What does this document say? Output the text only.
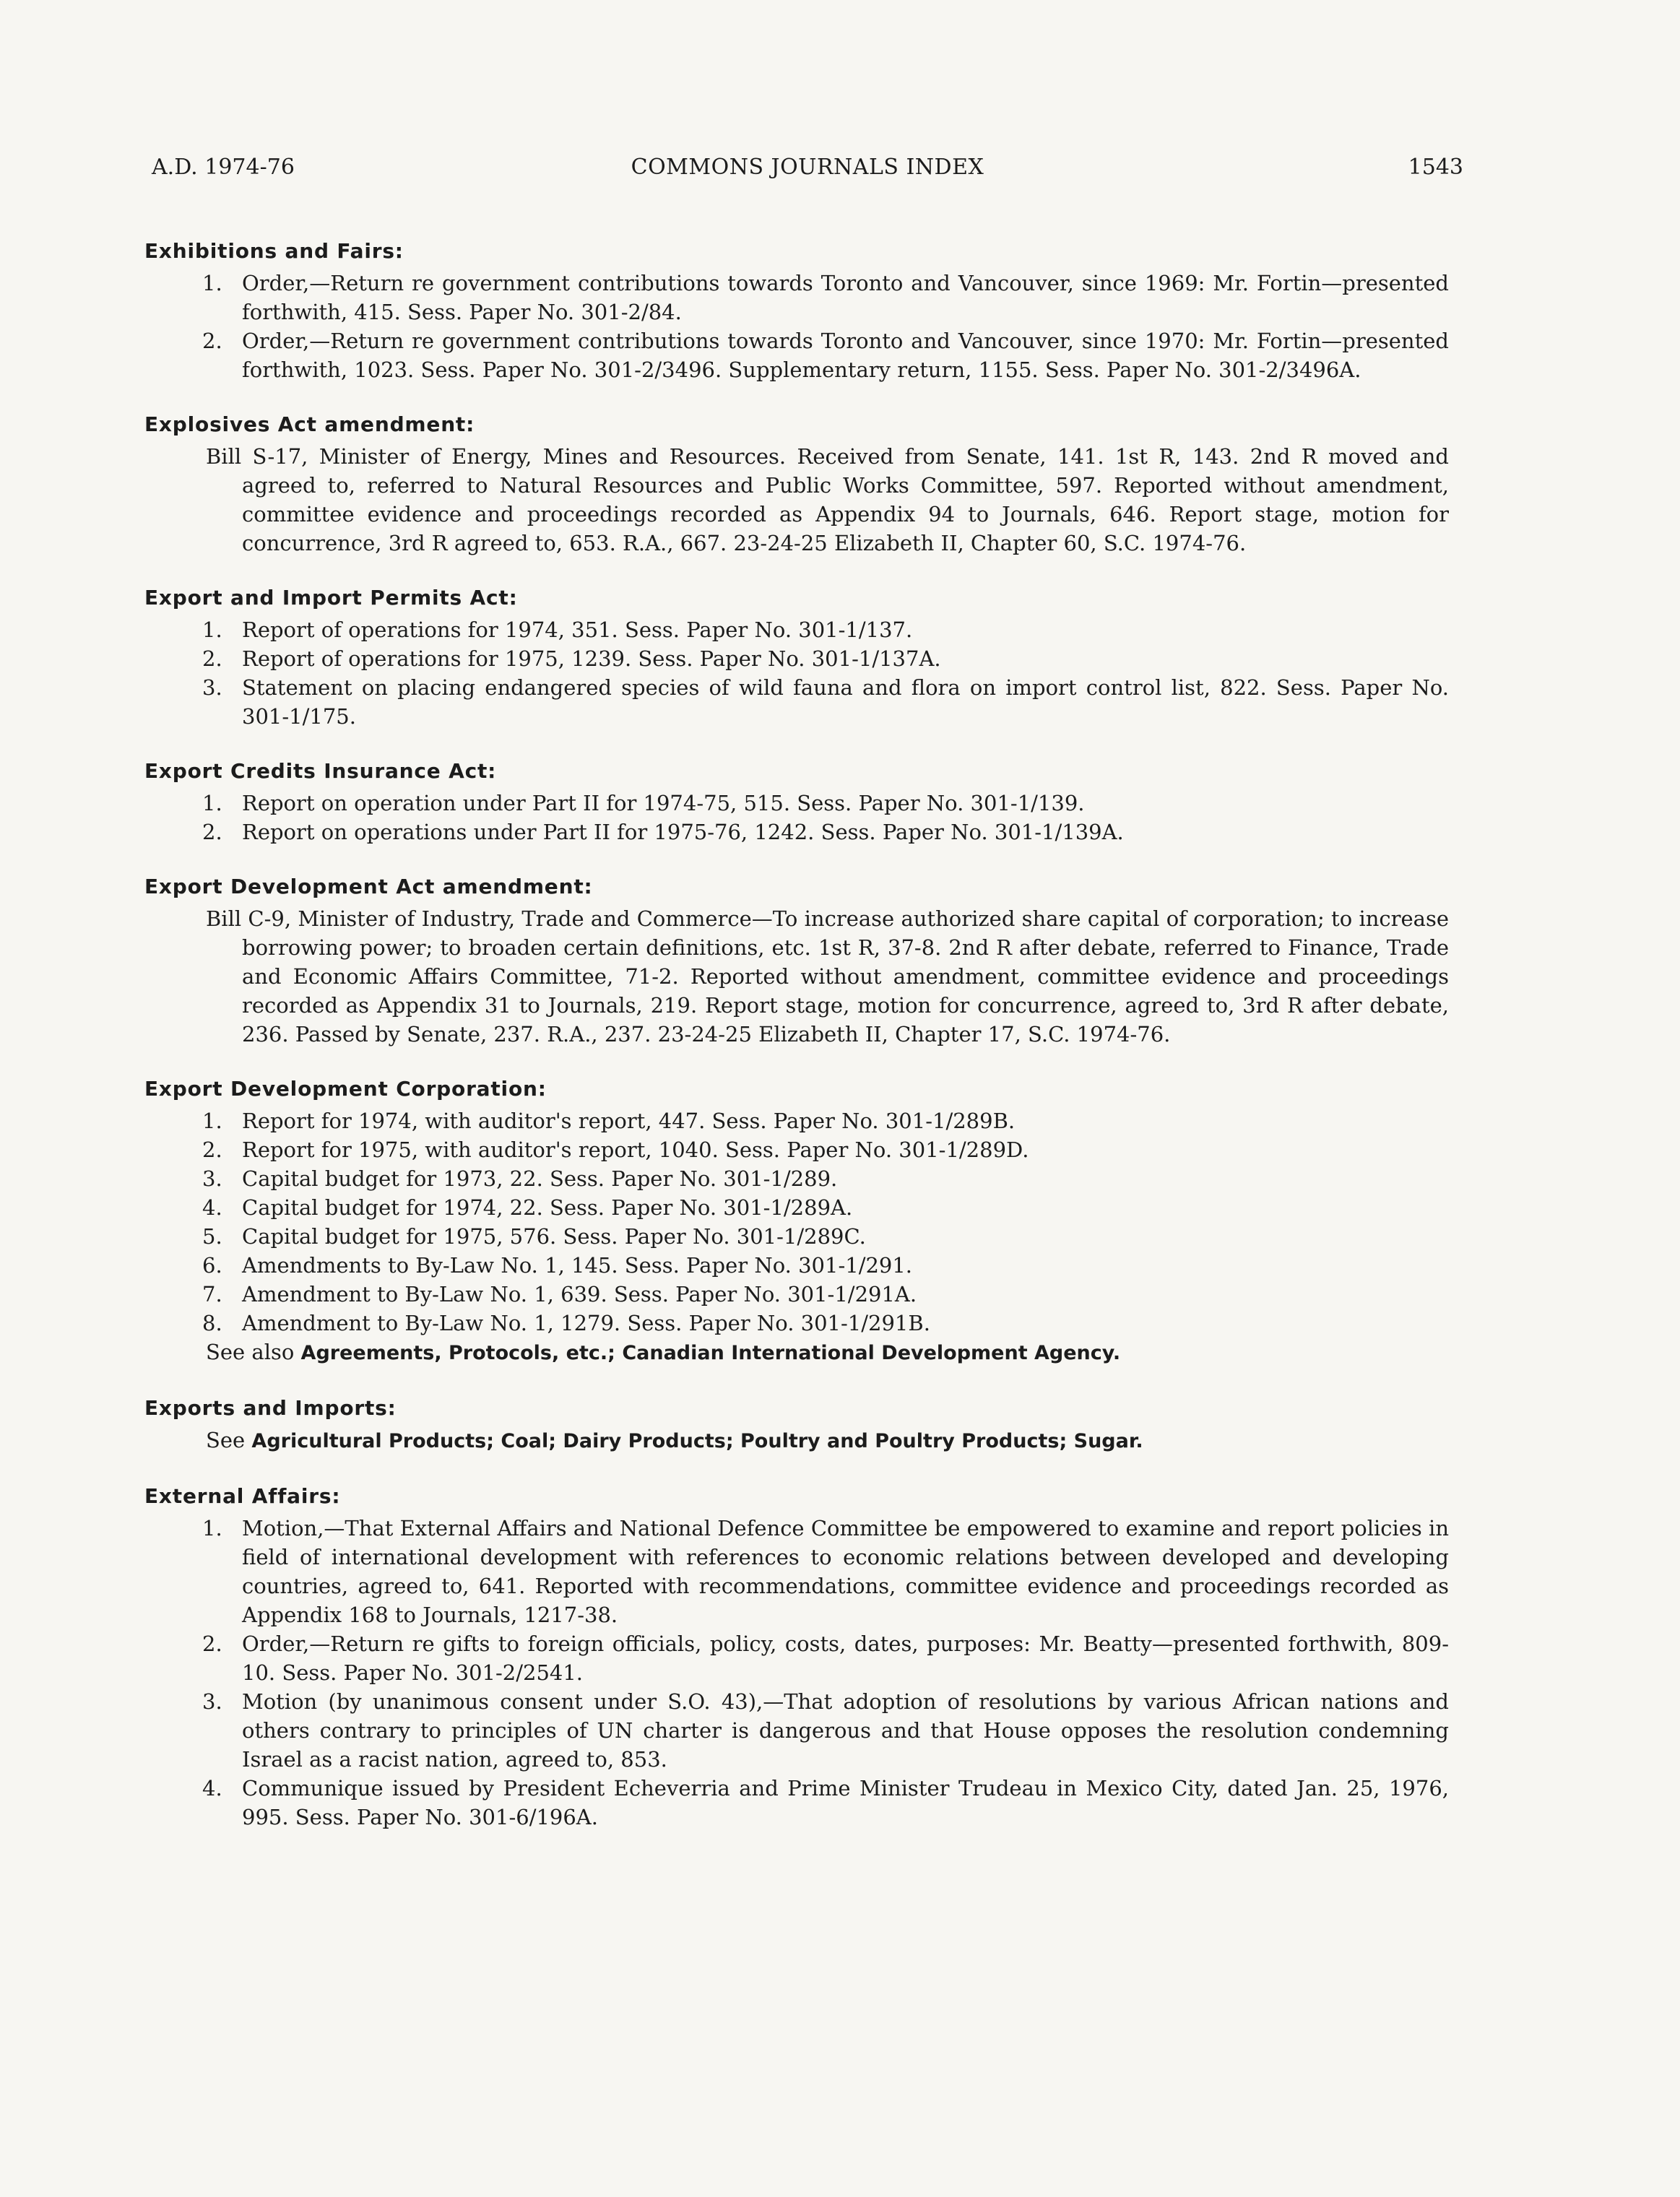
A.D. 1974-76	COMMONS JOURNALS INDEX	1543
Exhibitions and Fairs:
1. Order,—Return re government contributions towards Toronto and Vancouver, since 1969: Mr. Fortin—presented forthwith, 415. Sess. Paper No. 301-2/84.
2. Order,—Return re government contributions towards Toronto and Vancouver, since 1970: Mr. Fortin—presented forthwith, 1023. Sess. Paper No. 301-2/3496. Supplementary return, 1155. Sess. Paper No. 301-2/3496A.
Explosives Act amendment:
Bill S-17, Minister of Energy, Mines and Resources. Received from Senate, 141. 1st R, 143. 2nd R moved and agreed to, referred to Natural Resources and Public Works Committee, 597. Reported without amendment, committee evidence and proceedings recorded as Appendix 94 to Journals, 646. Report stage, motion for concurrence, 3rd R agreed to, 653. R.A., 667. 23-24-25 Elizabeth II, Chapter 60, S.C. 1974-76.
Export and Import Permits Act:
1. Report of operations for 1974, 351. Sess. Paper No. 301-1/137.
2. Report of operations for 1975, 1239. Sess. Paper No. 301-1/137A.
3. Statement on placing endangered species of wild fauna and flora on import control list, 822. Sess. Paper No. 301-1/175.
Export Credits Insurance Act:
1. Report on operation under Part II for 1974-75, 515. Sess. Paper No. 301-1/139.
2. Report on operations under Part II for 1975-76, 1242. Sess. Paper No. 301-1/139A.
Export Development Act amendment:
Bill C-9, Minister of Industry, Trade and Commerce—To increase authorized share capital of corporation; to increase borrowing power; to broaden certain definitions, etc. 1st R, 37-8. 2nd R after debate, referred to Finance, Trade and Economic Affairs Committee, 71-2. Reported without amendment, committee evidence and proceedings recorded as Appendix 31 to Journals, 219. Report stage, motion for concurrence, agreed to, 3rd R after debate, 236. Passed by Senate, 237. R.A., 237. 23-24-25 Elizabeth II, Chapter 17, S.C. 1974-76.
Export Development Corporation:
1. Report for 1974, with auditor's report, 447. Sess. Paper No. 301-1/289B.
2. Report for 1975, with auditor's report, 1040. Sess. Paper No. 301-1/289D.
3. Capital budget for 1973, 22. Sess. Paper No. 301-1/289.
4. Capital budget for 1974, 22. Sess. Paper No. 301-1/289A.
5. Capital budget for 1975, 576. Sess. Paper No. 301-1/289C.
6. Amendments to By-Law No. 1, 145. Sess. Paper No. 301-1/291.
7. Amendment to By-Law No. 1, 639. Sess. Paper No. 301-1/291A.
8. Amendment to By-Law No. 1, 1279. Sess. Paper No. 301-1/291B.
See also Agreements, Protocols, etc.; Canadian International Development Agency.
Exports and Imports:
See Agricultural Products; Coal; Dairy Products; Poultry and Poultry Products; Sugar.
External Affairs:
1. Motion,—That External Affairs and National Defence Committee be empowered to examine and report policies in field of international development with references to economic relations between developed and developing countries, agreed to, 641. Reported with recommendations, committee evidence and proceedings recorded as Appendix 168 to Journals, 1217-38.
2. Order,—Return re gifts to foreign officials, policy, costs, dates, purposes: Mr. Beatty—presented forthwith, 809-10. Sess. Paper No. 301-2/2541.
3. Motion (by unanimous consent under S.O. 43),—That adoption of resolutions by various African nations and others contrary to principles of UN charter is dangerous and that House opposes the resolution condemning Israel as a racist nation, agreed to, 853.
4. Communique issued by President Echeverria and Prime Minister Trudeau in Mexico City, dated Jan. 25, 1976, 995. Sess. Paper No. 301-6/196A.
